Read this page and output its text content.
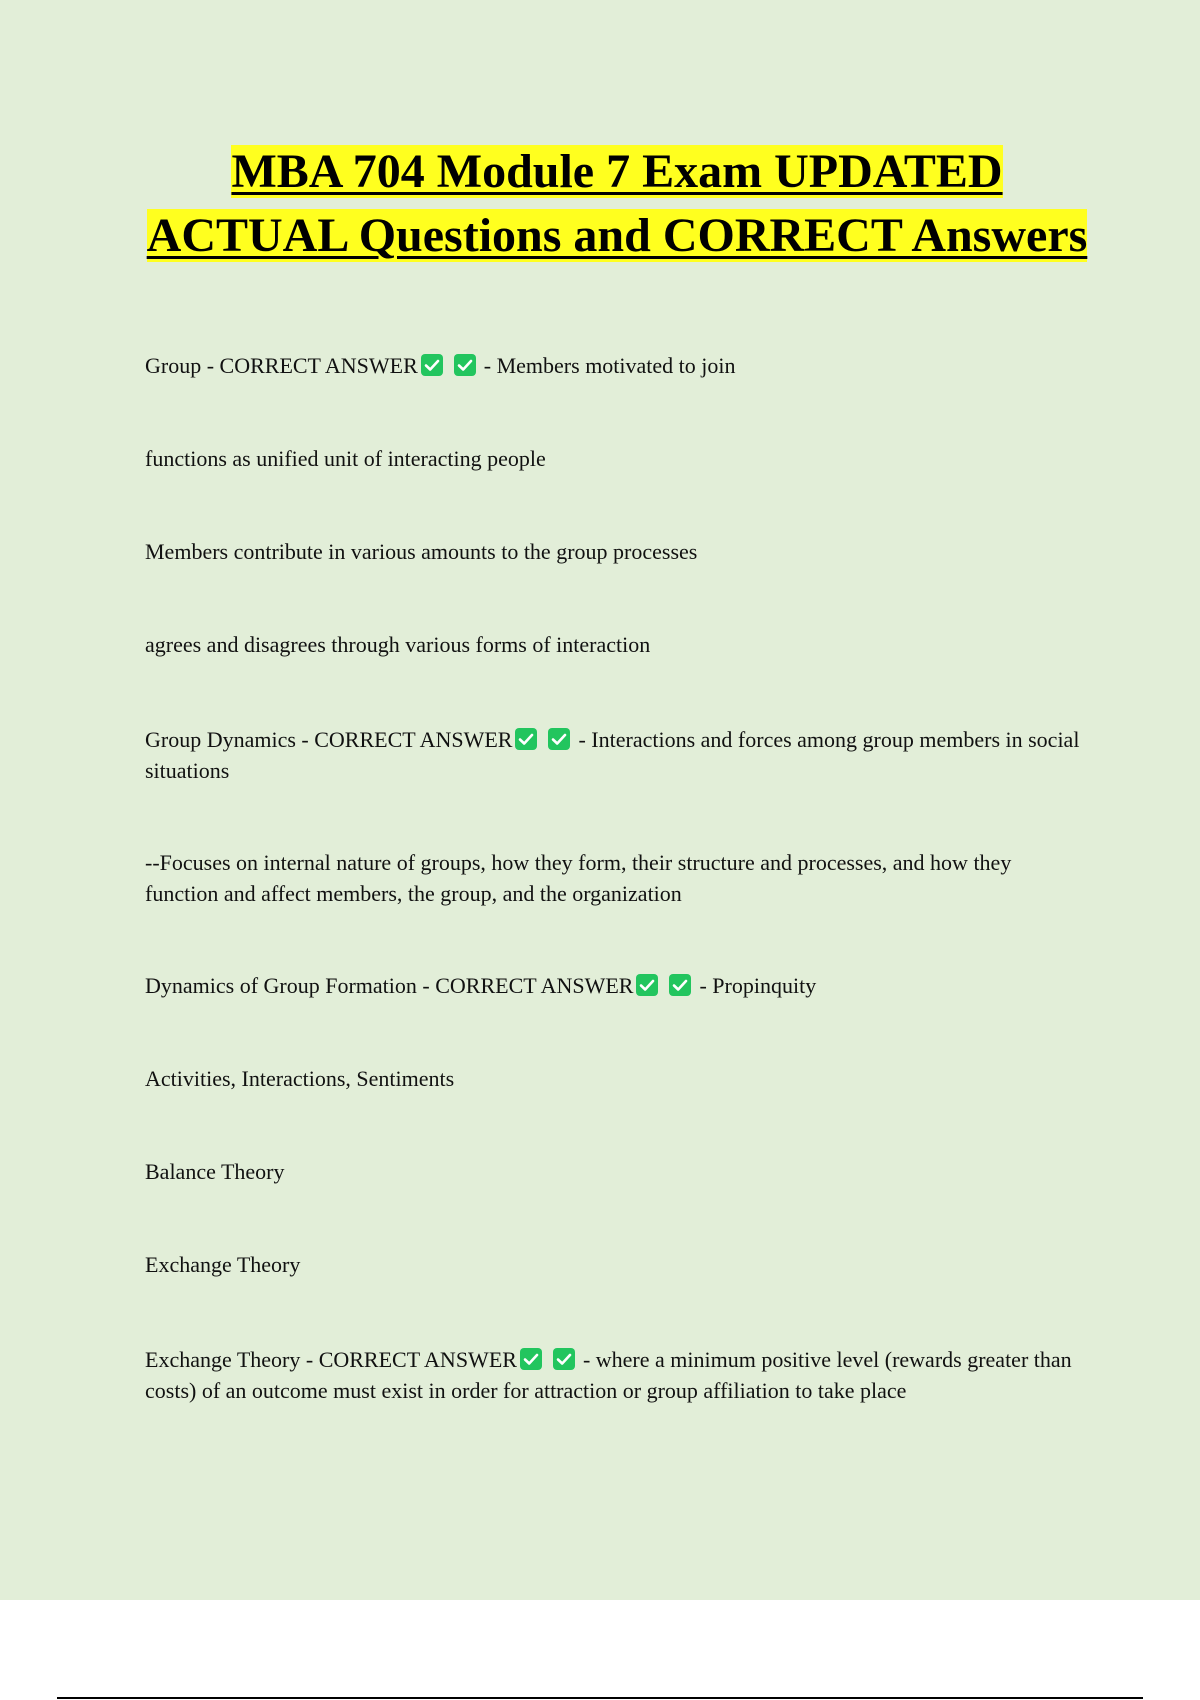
MBA 704 Module 7 Exam UPDATED ACTUAL Questions and CORRECT Answers

Group - CORRECT ANSWER	- Members motivated to join

functions as unified unit of interacting people

Members contribute in various amounts to the group processes

agrees and disagrees through various forms of interaction

Group Dynamics - CORRECT ANSWER	- Interactions and forces among group members in social situations

--Focuses on internal nature of groups, how they form, their structure and processes, and how they function and affect members, the group, and the organization

Dynamics of Group Formation - CORRECT ANSWER	- Propinquity

Activities, Interactions, Sentiments

Balance Theory

Exchange Theory

Exchange Theory - CORRECT ANSWER	- where a minimum positive level (rewards greater than costs) of an outcome must exist in order for attraction or group affiliation to take place
